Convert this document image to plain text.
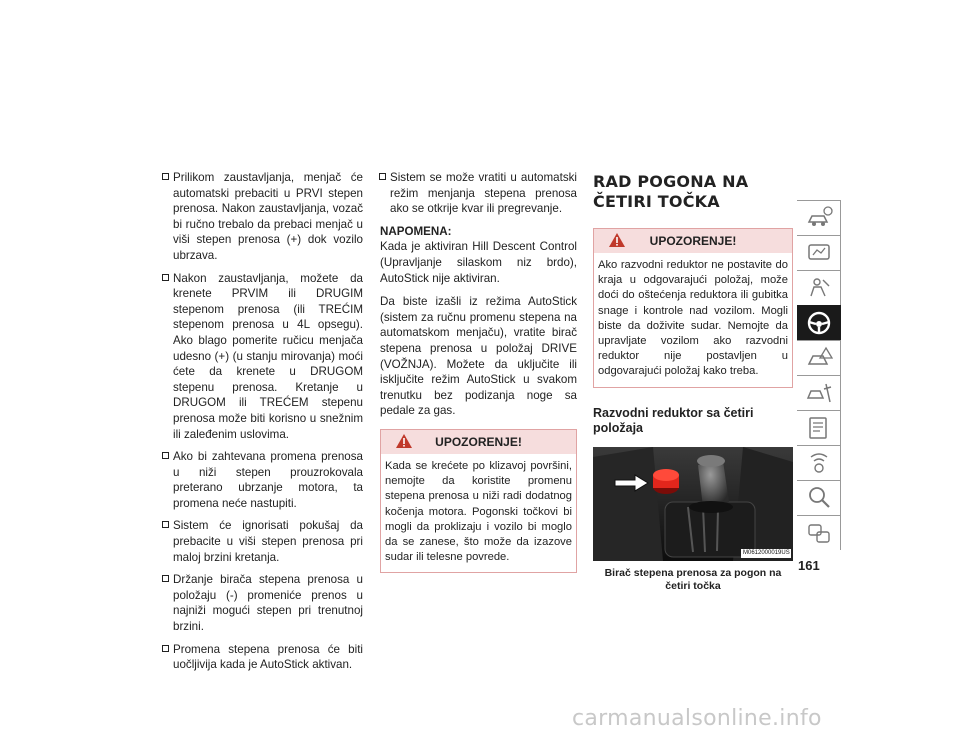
Prilikom zaustavljanja, menjač će automatski prebaciti u PRVI stepen prenosa. Nakon zaustavljanja, vozač bi ručno trebalo da prebaci menjač u viši stepen prenosa (+) dok vozilo ubrzava.
Nakon zaustavljanja, možete da krenete PRVIM ili DRUGIM stepenom prenosa (ili TREĆIM stepenom prenosa u 4L opsegu). Ako blago pomerite ručicu menjača udesno (+) (u stanju mirovanja) moći ćete da krenete u DRUGOM stepenu prenosa. Kretanje u DRUGOM ili TREĆEM stepenu prenosa može biti korisno u snežnim ili zaleđenim uslovima.
Ako bi zahtevana promena prenosa u niži stepen prouzrokovala preterano ubrzanje motora, ta promena neće nastupiti.
Sistem će ignorisati pokušaj da prebacite u viši stepen prenosa pri maloj brzini kretanja.
Držanje birača stepena prenosa u položaju (-) promeniće prenos u najniži mogući stepen pri trenutnoj brzini.
Promena stepena prenosa će biti uočljivija kada je AutoStick aktivan.
Sistem se može vratiti u automatski režim menjanja stepena prenosa ako se otkrije kvar ili pregrevanje.
NAPOMENA:
Kada je aktiviran Hill Descent Control (Upravljanje silaskom niz brdo), AutoStick nije aktiviran.
Da biste izašli iz režima AutoStick (sistem za ručnu promenu stepena na automatskom menjaču), vratite birač stepena prenosa u položaj DRIVE (VOŽNJA). Možete da uključite ili isključite režim AutoStick u svakom trenutku bez podizanja noge sa pedale za gas.
UPOZORENJE!
Kada se krećete po klizavoj površini, nemojte da koristite promenu stepena prenosa u niži radi dodatnog kočenja motora. Pogonski točkovi bi mogli da proklizaju i vozilo bi moglo da se zanese, što može da izazove sudar ili telesne povrede.
RAD POGONA NA ČETIRI TOČKA
UPOZORENJE!
Ako razvodni reduktor ne postavite do kraja u odgovarajući položaj, može doći do oštećenja reduktora ili gubitka snage i kontrole nad vozilom. Mogli biste da doživite sudar. Nemojte da upravljate vozilom ako razvodni reduktor nije postavljen u odgovarajući položaj kako treba.
Razvodni reduktor sa četiri položaja
M0612000019US
Birač stepena prenosa za pogon na četiri točka
161
carmanualsonline.info
